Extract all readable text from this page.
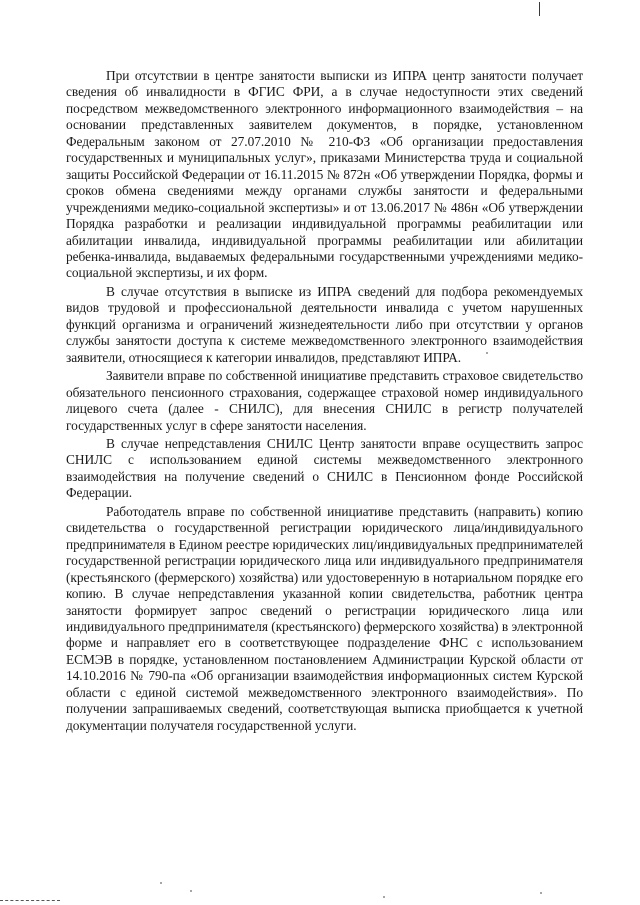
При отсутствии в центре занятости выписки из ИПРА центр занятости получает сведения об инвалидности в ФГИС ФРИ, а в случае недоступности этих сведений посредством межведомственного электронного информационного взаимодействия – на основании представленных заявителем документов, в порядке, установленном Федеральным законом от 27.07.2010 № 210-ФЗ «Об организации предоставления государственных и муниципальных услуг», приказами Министерства труда и социальной защиты Российской Федерации от 16.11.2015 № 872н «Об утверждении Порядка, формы и сроков обмена сведениями между органами службы занятости и федеральными учреждениями медико-социальной экспертизы» и от 13.06.2017 № 486н «Об утверждении Порядка разработки и реализации индивидуальной программы реабилитации или абилитации инвалида, индивидуальной программы реабилитации или абилитации ребенка-инвалида, выдаваемых федеральными государственными учреждениями медико-социальной экспертизы, и их форм.

В случае отсутствия в выписке из ИПРА сведений для подбора рекомендуемых видов трудовой и профессиональной деятельности инвалида с учетом нарушенных функций организма и ограничений жизнедеятельности либо при отсутствии у органов службы занятости доступа к системе межведомственного электронного взаимодействия заявители, относящиеся к категории инвалидов, представляют ИПРА.

Заявители вправе по собственной инициативе представить страховое свидетельство обязательного пенсионного страхования, содержащее страховой номер индивидуального лицевого счета (далее - СНИЛС), для внесения СНИЛС в регистр получателей государственных услуг в сфере занятости населения.

В случае непредставления СНИЛС Центр занятости вправе осуществить запрос СНИЛС с использованием единой системы межведомственного электронного взаимодействия на получение сведений о СНИЛС в Пенсионном фонде Российской Федерации.

Работодатель вправе по собственной инициативе представить (направить) копию свидетельства о государственной регистрации юридического лица/индивидуального предпринимателя в Едином реестре юридических лиц/индивидуальных предпринимателей государственной регистрации юридического лица или индивидуального предпринимателя (крестьянского (фермерского) хозяйства) или удостоверенную в нотариальном порядке его копию. В случае непредставления указанной копии свидетельства, работник центра занятости формирует запрос сведений о регистрации юридического лица или индивидуального предпринимателя (крестьянского) фермерского хозяйства) в электронной форме и направляет его в соответствующее подразделение ФНС с использованием ЕСМЭВ в порядке, установленном постановлением Администрации Курской области от 14.10.2016 № 790-па «Об организации взаимодействия информационных систем Курской области с единой системой межведомственного электронного взаимодействия». По получении запрашиваемых сведений, соответствующая выписка приобщается к учетной документации получателя государственной услуги.
